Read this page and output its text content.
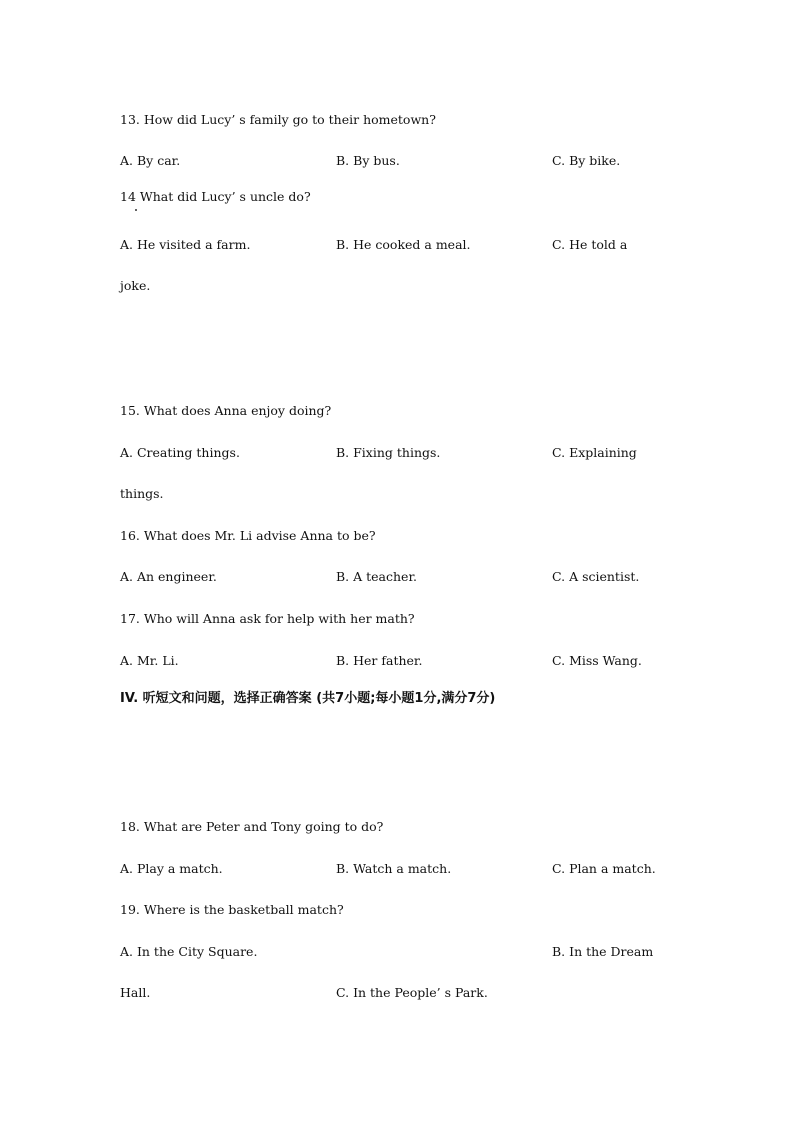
13. How did Lucy’ s family go to their hometown?
A. By car.	B. By bus.	C. By bike.
14 What did Lucy’ s uncle do?
A. He visited a farm.	B. He cooked a meal.	C. He told a
joke.
15. What does Anna enjoy doing?
A. Creating things.	B. Fixing things.	C. Explaining
things.
16. What does Mr. Li advise Anna to be?
A. An engineer.	B. A teacher.	C. A scientist.
17. Who will Anna ask for help with her math?
A. Mr. Li.	B. Her father.	C. Miss Wang.
IV. 听短文和问题，选择正确答案 (共7小题;每小题1分,满分7分)
18. What are Peter and Tony going to do?
A. Play a match.	B. Watch a match.	C. Plan a match.
19. Where is the basketball match?
A. In the City Square.	B. In the Dream
Hall.	C. In the People’ s Park.
